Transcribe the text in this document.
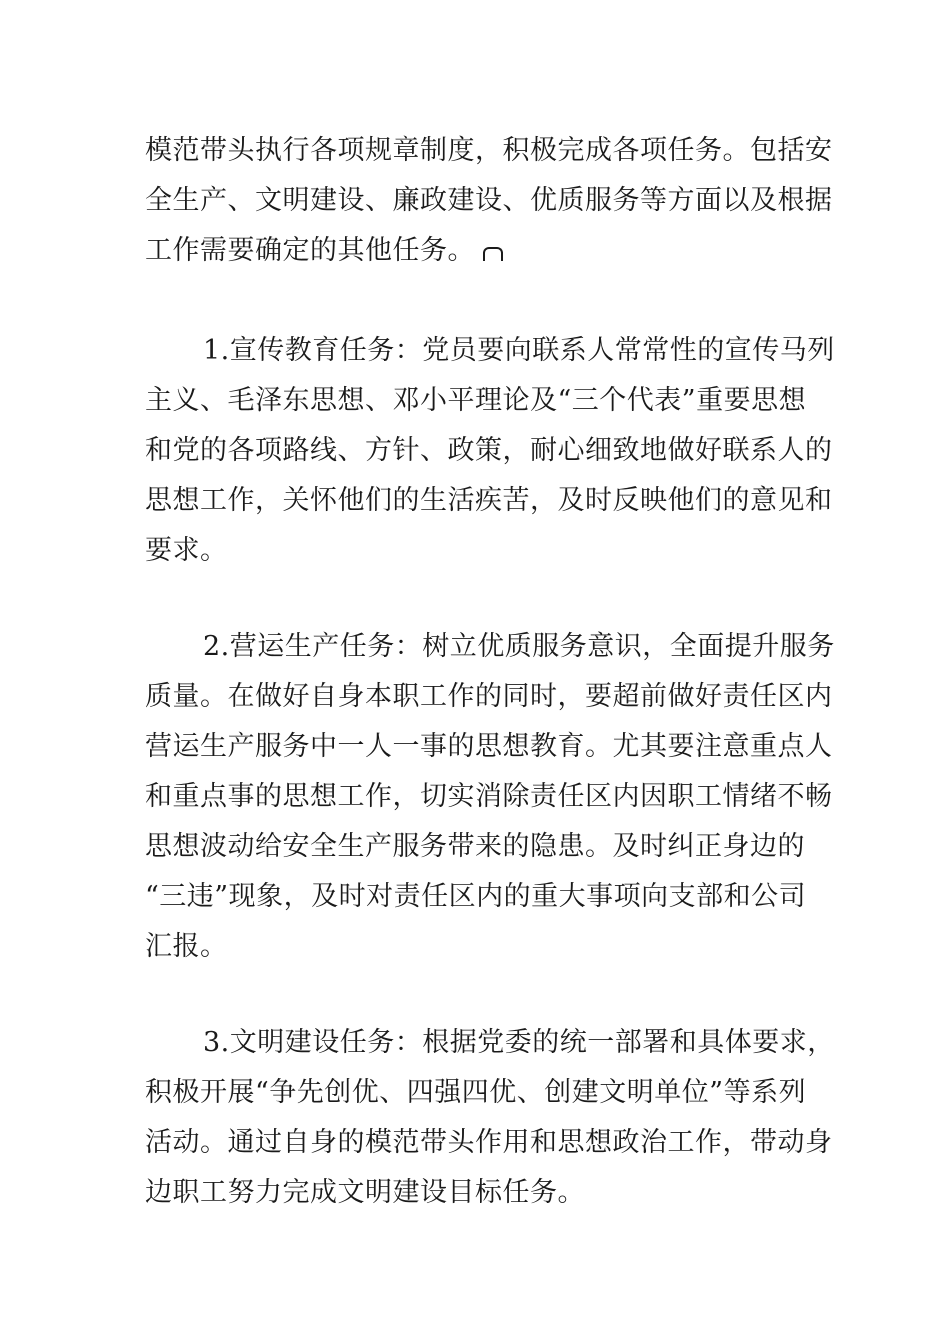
模范带头执行各项规章制度，积极完成各项任务。包括安
全生产、文明建设、廉政建设、优质服务等方面以及根据
工作需要确定的其他任务。
1.宣传教育任务：党员要向联系人常常性的宣传马列
主义、毛泽东思想、邓小平理论及“三个代表”重要思想
和党的各项路线、方针、政策，耐心细致地做好联系人的
思想工作，关怀他们的生活疾苦，及时反映他们的意见和
要求。
2.营运生产任务：树立优质服务意识，全面提升服务
质量。在做好自身本职工作的同时，要超前做好责任区内
营运生产服务中一人一事的思想教育。尤其要注意重点人
和重点事的思想工作，切实消除责任区内因职工情绪不畅
思想波动给安全生产服务带来的隐患。及时纠正身边的
“三违”现象，及时对责任区内的重大事项向支部和公司
汇报。
3.文明建设任务：根据党委的统一部署和具体要求，
积极开展“争先创优、四强四优、创建文明单位”等系列
活动。通过自身的模范带头作用和思想政治工作，带动身
边职工努力完成文明建设目标任务。
